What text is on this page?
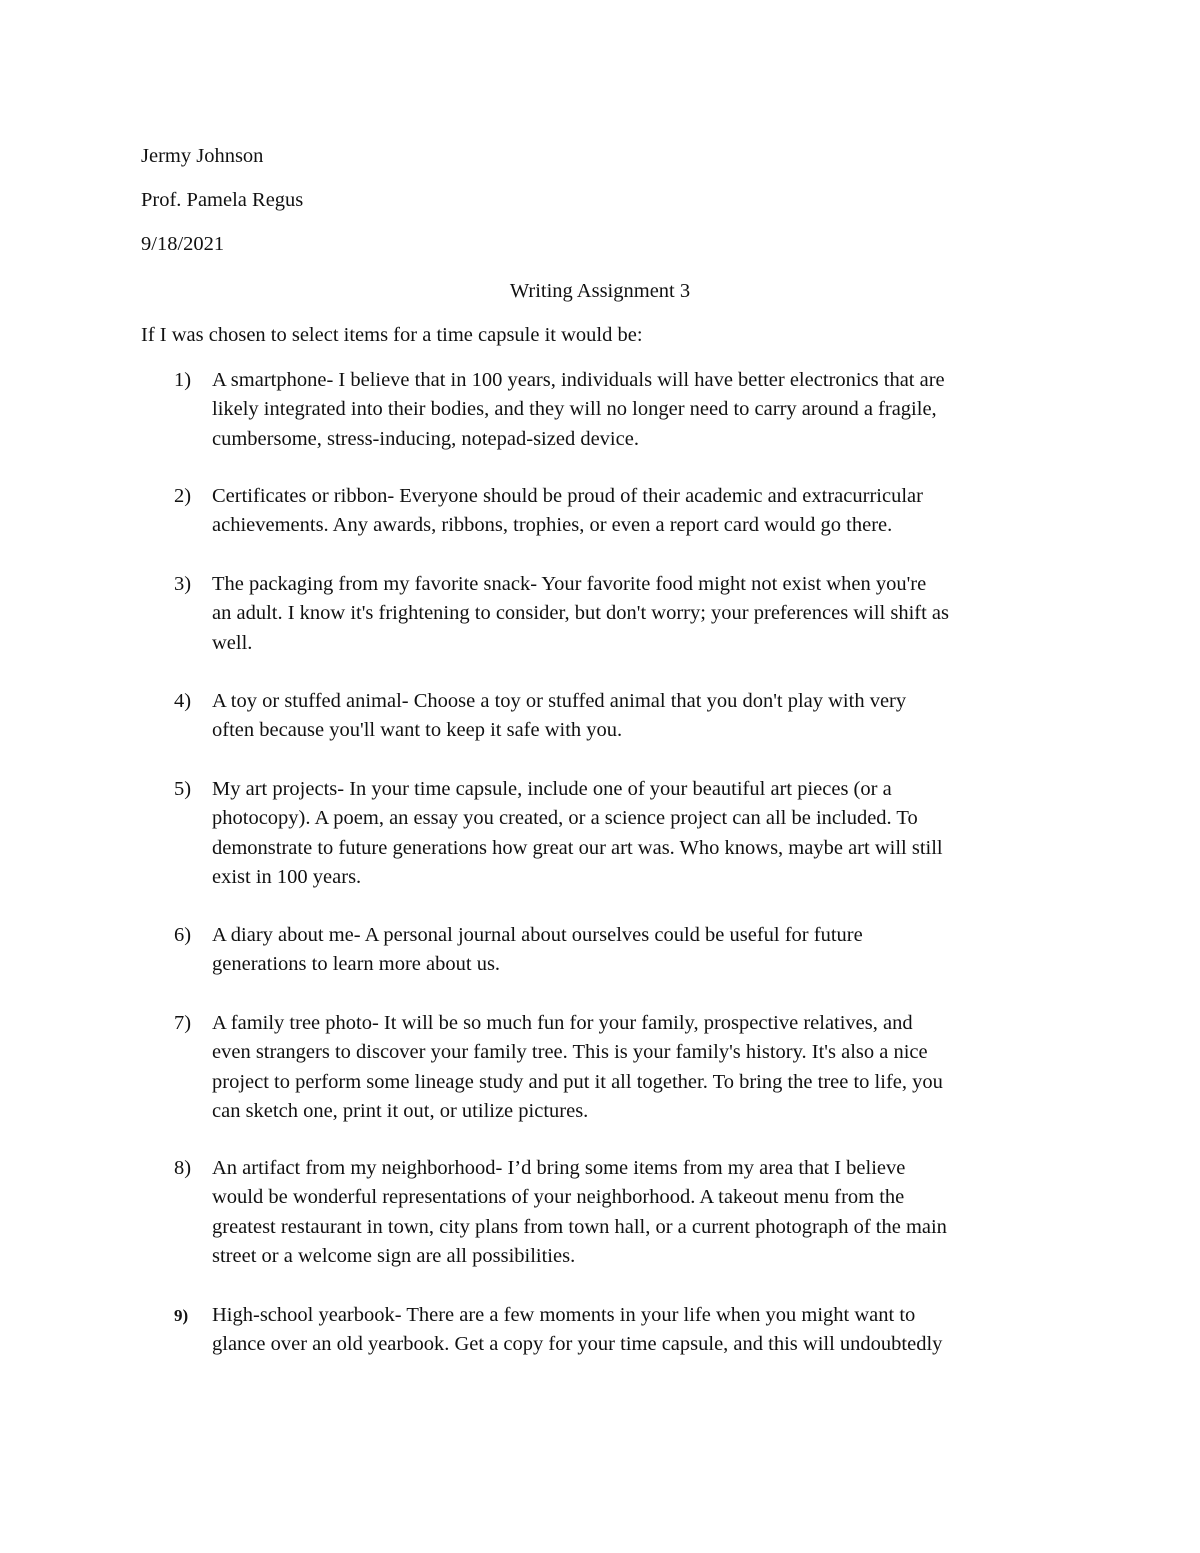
Jermy Johnson
Prof. Pamela Regus
9/18/2021
Writing Assignment 3
If I was chosen to select items for a time capsule it would be:
1) A smartphone- I believe that in 100 years, individuals will have better electronics that are
likely integrated into their bodies, and they will no longer need to carry around a fragile,
cumbersome, stress-inducing, notepad-sized device.
2) Certificates or ribbon- Everyone should be proud of their academic and extracurricular
achievements. Any awards, ribbons, trophies, or even a report card would go there.
3) The packaging from my favorite snack- Your favorite food might not exist when you're
an adult. I know it's frightening to consider, but don't worry; your preferences will shift as
well.
4) A toy or stuffed animal- Choose a toy or stuffed animal that you don't play with very
often because you'll want to keep it safe with you.
5) My art projects- In your time capsule, include one of your beautiful art pieces (or a
photocopy). A poem, an essay you created, or a science project can all be included. To
demonstrate to future generations how great our art was. Who knows, maybe art will still
exist in 100 years.
6) A diary about me- A personal journal about ourselves could be useful for future
generations to learn more about us.
7) A family tree photo- It will be so much fun for your family, prospective relatives, and
even strangers to discover your family tree. This is your family's history. It's also a nice
project to perform some lineage study and put it all together. To bring the tree to life, you
can sketch one, print it out, or utilize pictures.
8) An artifact from my neighborhood- I’d bring some items from my area that I believe
would be wonderful representations of your neighborhood. A takeout menu from the
greatest restaurant in town, city plans from town hall, or a current photograph of the main
street or a welcome sign are all possibilities.
9) High-school yearbook- There are a few moments in your life when you might want to
glance over an old yearbook. Get a copy for your time capsule, and this will undoubtedly
